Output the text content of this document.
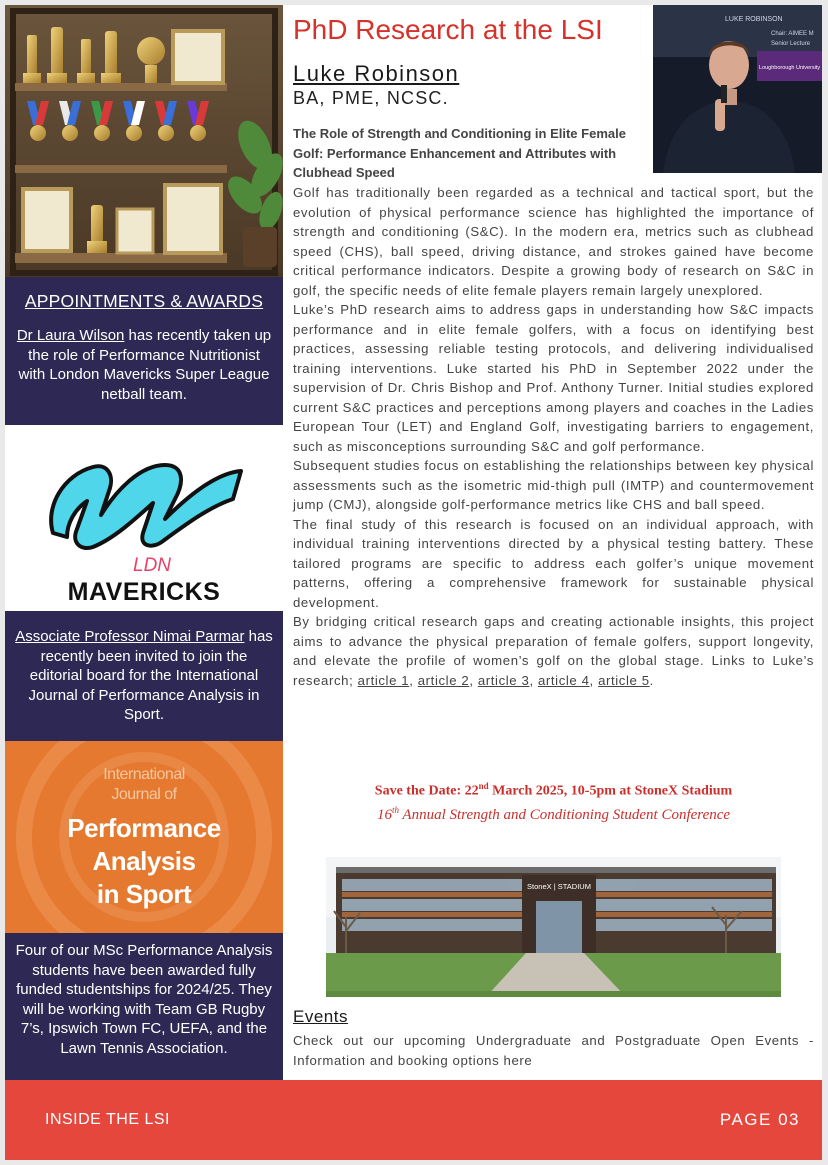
APPOINTMENTS & AWARDS

Dr Laura Wilson has recently taken up the role of Performance Nutritionist with London Mavericks Super League netball team.

LDN
MAVERICKS

Associate Professor Nimai Parmar has recently been invited to join the editorial board for the International Journal of Performance Analysis in Sport.

International
Journal of
Performance
Analysis
in Sport

Four of our MSc Performance Analysis students have been awarded fully funded studentships for 2024/25. They will be working with Team GB Rugby 7’s, Ipswich Town FC, UEFA, and the Lawn Tennis Association.

PhD Research at the LSI
Luke Robinson
BA, PME, NCSC.
LUKE ROBINSON
Chair: AIMEE M
Senior Lecture
Loughborough University
The Role of Strength and Conditioning in Elite Female Golf: Performance Enhancement and Attributes with Clubhead Speed

Golf has traditionally been regarded as a technical and tactical sport, but the evolution of physical performance science has highlighted the importance of strength and conditioning (S&C). In the modern era, metrics such as clubhead speed (CHS), ball speed, driving distance, and strokes gained have become critical performance indicators. Despite a growing body of research on S&C in golf, the specific needs of elite female players remain largely unexplored.

Luke’s PhD research aims to address gaps in understanding how S&C impacts performance and in elite female golfers, with a focus on identifying best practices, assessing reliable testing protocols, and delivering individualised training interventions. Luke started his PhD in September 2022 under the supervision of Dr. Chris Bishop and Prof. Anthony Turner. Initial studies explored current S&C practices and perceptions among players and coaches in the Ladies European Tour (LET) and England Golf, investigating barriers to engagement, such as misconceptions surrounding S&C and golf performance.

Subsequent studies focus on establishing the relationships between key physical assessments such as the isometric mid-thigh pull (IMTP) and countermovement jump (CMJ), alongside golf-performance metrics like CHS and ball speed.

The final study of this research is focused on an individual approach, with individual training interventions directed by a physical testing battery. These tailored programs are specific to address each golfer’s unique movement patterns, offering a comprehensive framework for sustainable physical development.

By bridging critical research gaps and creating actionable insights, this project aims to advance the physical preparation of female golfers, support longevity, and elevate the profile of women’s golf on the global stage. Links to Luke’s research; article 1, article 2, article 3, article 4, article 5.

Save the Date: 22nd March 2025, 10-5pm at StoneX Stadium
16th Annual Strength and Conditioning Student Conference
StoneX | STADIUM
Events
Check out our upcoming Undergraduate and Postgraduate Open Events - Information and booking options here
INSIDE THE LSI	PAGE 03
